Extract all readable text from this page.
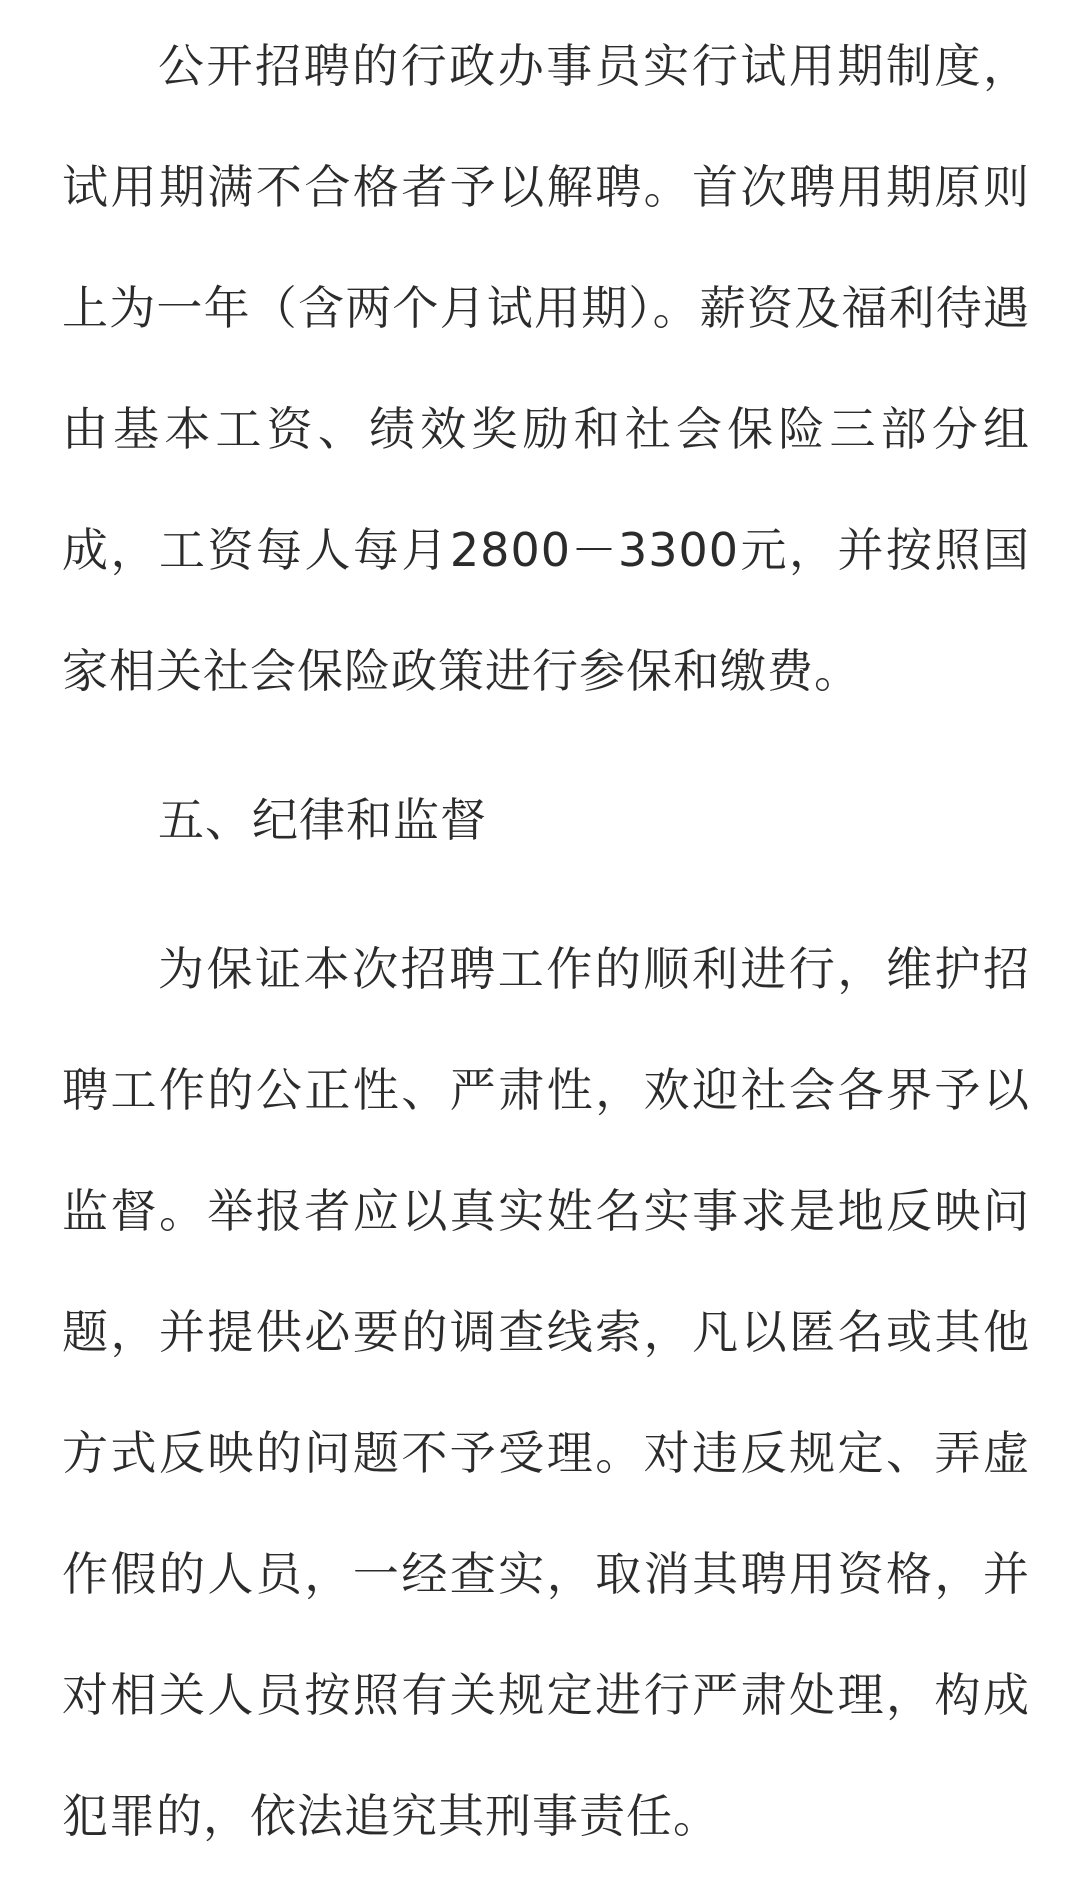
公开招聘的行政办事员实行试用期制度，试用期满不合格者予以解聘。首次聘用期原则上为一年（含两个月试用期）。薪资及福利待遇由基本工资、绩效奖励和社会保险三部分组成，工资每人每月2800－3300元，并按照国家相关社会保险政策进行参保和缴费。

五、纪律和监督

为保证本次招聘工作的顺利进行，维护招聘工作的公正性、严肃性，欢迎社会各界予以监督。举报者应以真实姓名实事求是地反映问题，并提供必要的调查线索，凡以匿名或其他方式反映的问题不予受理。对违反规定、弄虚作假的人员，一经查实，取消其聘用资格，并对相关人员按照有关规定进行严肃处理，构成犯罪的，依法追究其刑事责任。
